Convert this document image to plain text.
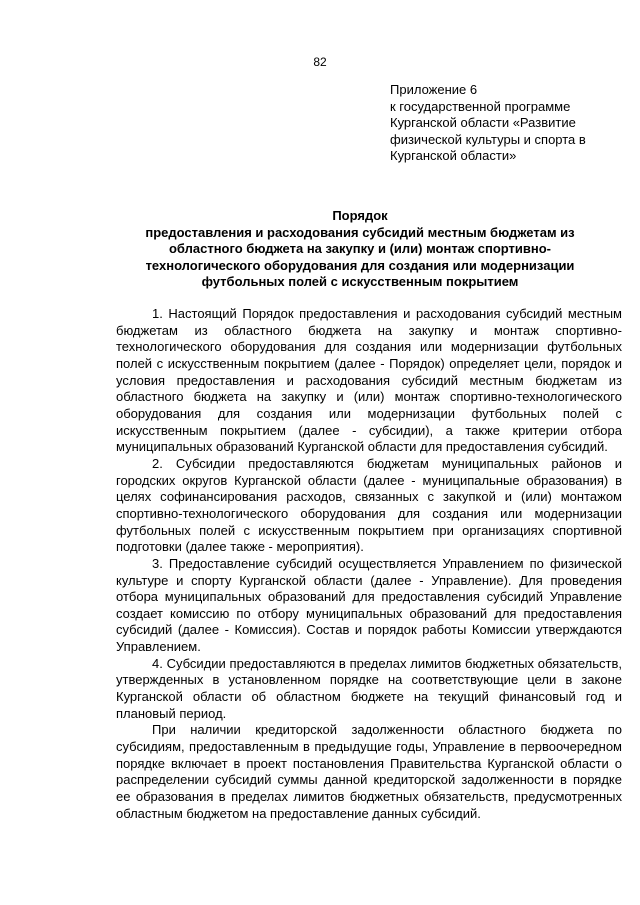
82
Приложение 6
к государственной программе
Курганской области «Развитие
физической культуры и спорта в
Курганской области»
Порядок
предоставления и расходования субсидий местным бюджетам из
областного бюджета на закупку и (или) монтаж спортивно-
технологического оборудования для создания или модернизации
футбольных полей с искусственным покрытием

1. Настоящий Порядок предоставления и расходования субсидий местным бюджетам из областного бюджета на закупку и монтаж спортивно-технологического оборудования для создания или модернизации футбольных полей с искусственным покрытием (далее - Порядок) определяет цели, порядок и условия предоставления и расходования субсидий местным бюджетам из областного бюджета на закупку и (или) монтаж спортивно-технологического оборудования для создания или модернизации футбольных полей с искусственным покрытием (далее - субсидии), а также критерии отбора муниципальных образований Курганской области для предоставления субсидий.

2. Субсидии предоставляются бюджетам муниципальных районов и городских округов Курганской области (далее - муниципальные образования) в целях софинансирования расходов, связанных с закупкой и (или) монтажом спортивно-технологического оборудования для создания или модернизации футбольных полей с искусственным покрытием при организациях спортивной подготовки (далее также - мероприятия).

3. Предоставление субсидий осуществляется Управлением по физической культуре и спорту Курганской области (далее - Управление). Для проведения отбора муниципальных образований для предоставления субсидий Управление создает комиссию по отбору муниципальных образований для предоставления субсидий (далее - Комиссия). Состав и порядок работы Комиссии утверждаются Управлением.

4. Субсидии предоставляются в пределах лимитов бюджетных обязательств, утвержденных в установленном порядке на соответствующие цели в законе Курганской области об областном бюджете на текущий финансовый год и плановый период.

При наличии кредиторской задолженности областного бюджета по субсидиям, предоставленным в предыдущие годы, Управление в первоочередном порядке включает в проект постановления Правительства Курганской области о распределении субсидий суммы данной кредиторской задолженности в порядке ее образования в пределах лимитов бюджетных обязательств, предусмотренных областным бюджетом на предоставление данных субсидий.
